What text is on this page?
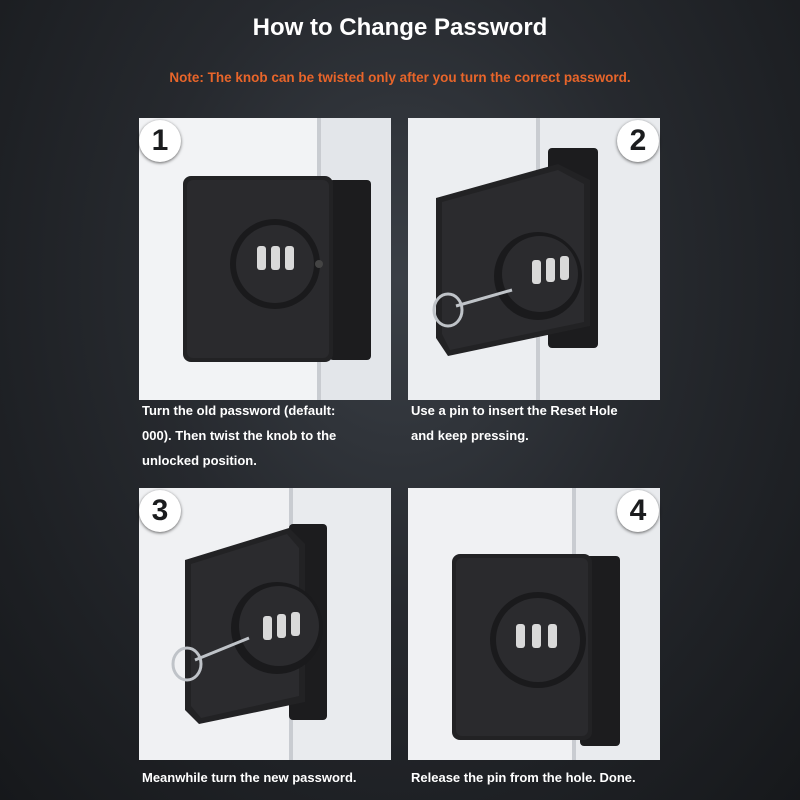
How to Change Password
Note: The knob can be twisted only after you turn the correct password.
1	2
3	4
Turn the old password (default:
000). Then twist the knob to the
unlocked position.
Use a pin to insert the Reset Hole
and keep pressing.
Meanwhile turn the new password.	Release the pin from the hole. Done.
